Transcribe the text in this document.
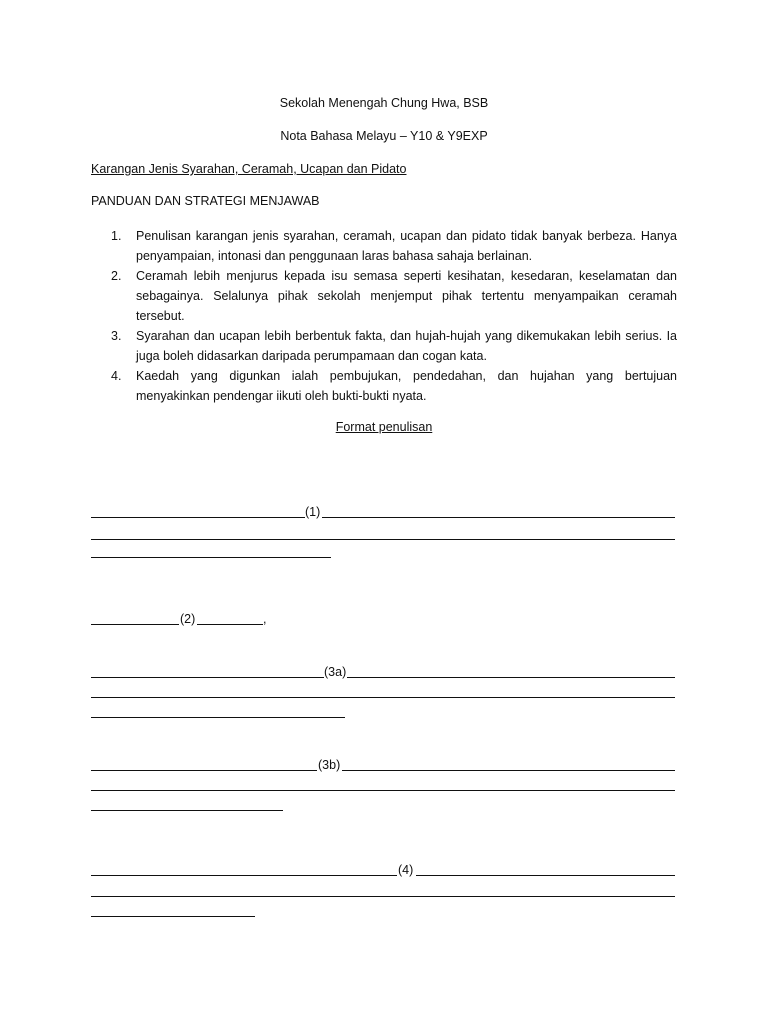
Sekolah Menengah Chung Hwa, BSB
Nota Bahasa Melayu – Y10 & Y9EXP
Karangan Jenis Syarahan, Ceramah, Ucapan dan Pidato
PANDUAN DAN STRATEGI MENJAWAB
1. Penulisan karangan jenis syarahan, ceramah, ucapan dan pidato tidak banyak berbeza. Hanya penyampaian, intonasi dan penggunaan laras bahasa sahaja berlainan.
2. Ceramah lebih menjurus kepada isu semasa seperti kesihatan, kesedaran, keselamatan dan sebagainya. Selalunya pihak sekolah menjemput pihak tertentu menyampaikan ceramah tersebut.
3. Syarahan dan ucapan lebih berbentuk fakta, dan hujah-hujah yang dikemukakan lebih serius. Ia juga boleh didasarkan daripada perumpamaan dan cogan kata.
4. Kaedah yang digunkan ialah pembujukan, pendedahan, dan hujahan yang bertujuan menyakinkan pendengar iikuti oleh bukti-bukti nyata.
Format penulisan
(1)
(2)	,
(3a)
(3b)
(4)
